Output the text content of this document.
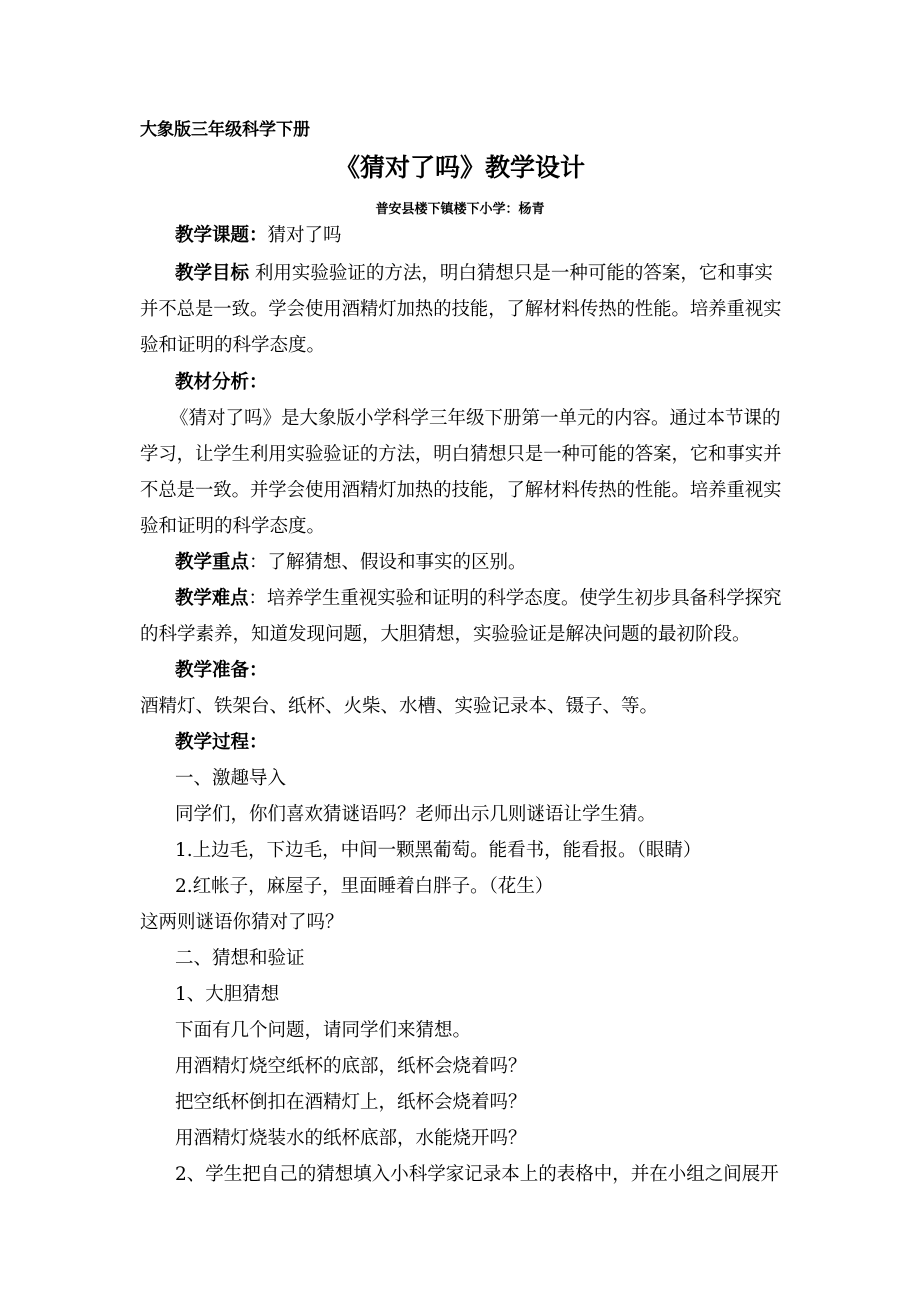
大象版三年级科学下册
《猜对了吗》教学设计
普安县楼下镇楼下小学：杨青
教学课题：猜对了吗
教学目标 利用实验验证的方法，明白猜想只是一种可能的答案，它和事实
并不总是一致。学会使用酒精灯加热的技能，了解材料传热的性能。培养重视实
验和证明的科学态度。
教材分析：
《猜对了吗》是大象版小学科学三年级下册第一单元的内容。通过本节课的
学习，让学生利用实验验证的方法，明白猜想只是一种可能的答案，它和事实并
不总是一致。并学会使用酒精灯加热的技能，了解材料传热的性能。培养重视实
验和证明的科学态度。
教学重点：了解猜想、假设和事实的区别。
教学难点：培养学生重视实验和证明的科学态度。使学生初步具备科学探究
的科学素养，知道发现问题，大胆猜想，实验验证是解决问题的最初阶段。
教学准备：
酒精灯、铁架台、纸杯、火柴、水槽、实验记录本、镊子、等。
教学过程：
一、激趣导入
同学们，你们喜欢猜谜语吗？老师出示几则谜语让学生猜。
1.上边毛，下边毛，中间一颗黑葡萄。能看书，能看报。（眼睛）
2.红帐子，麻屋子，里面睡着白胖子。（花生）
这两则谜语你猜对了吗？
二、猜想和验证
1、大胆猜想
下面有几个问题，请同学们来猜想。
用酒精灯烧空纸杯的底部，纸杯会烧着吗？
把空纸杯倒扣在酒精灯上，纸杯会烧着吗？
用酒精灯烧装水的纸杯底部，水能烧开吗？
2、学生把自己的猜想填入小科学家记录本上的表格中，并在小组之间展开
